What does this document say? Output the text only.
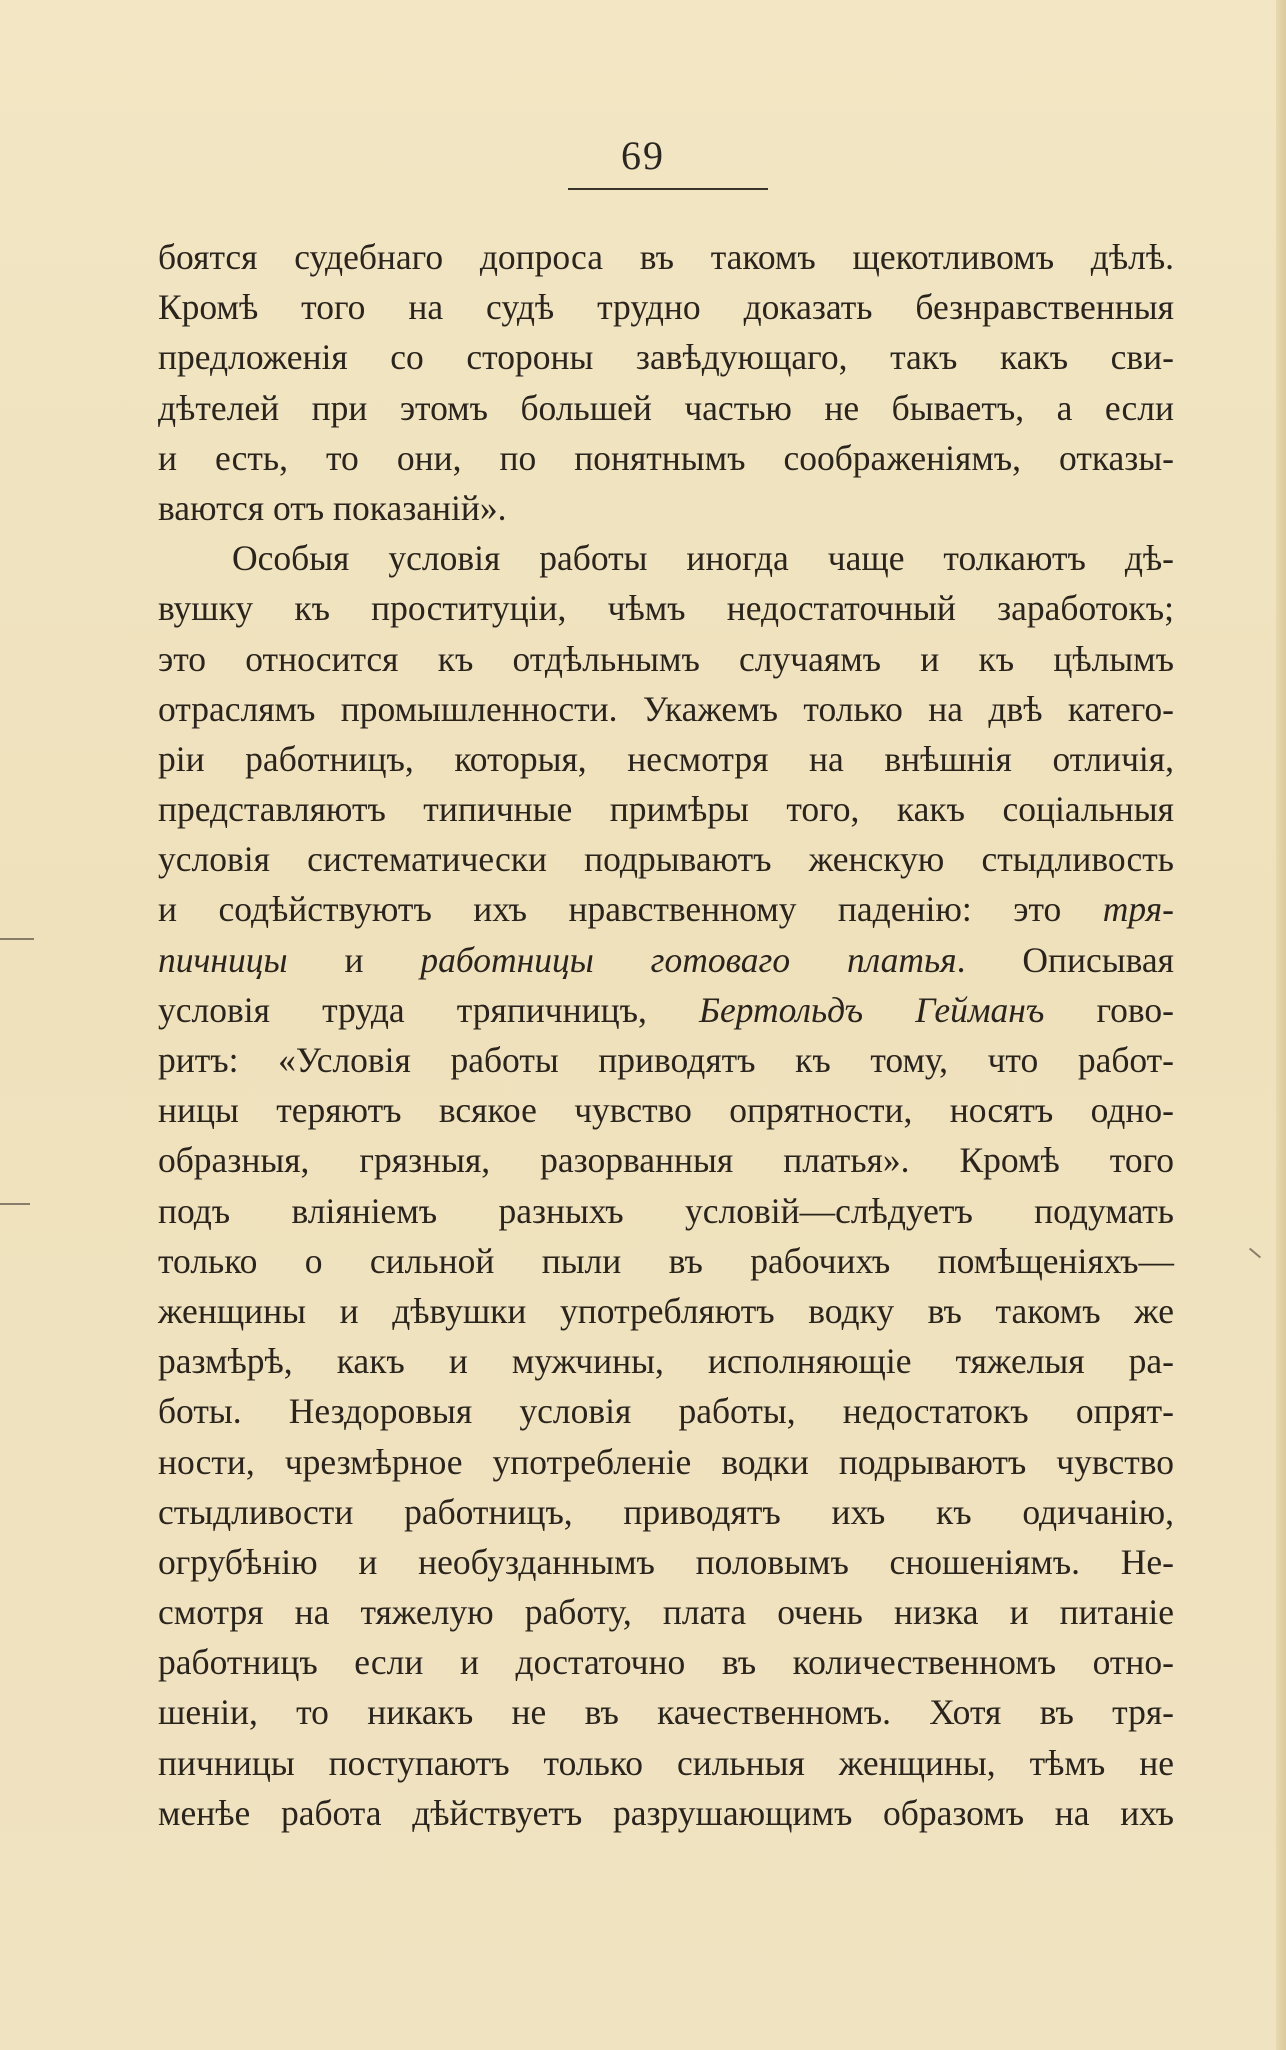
69
боятся судебнаго допроса въ такомъ щекотливомъ дѣлѣ.
Кромѣ того на судѣ трудно доказать безнравственныя
предложенія со стороны завѣдующаго, такъ какъ сви-
дѣтелей при этомъ большей частью не бываетъ, а если
и есть, то они, по понятнымъ соображеніямъ, отказы-
ваются отъ показаній».
Особыя условія работы иногда чаще толкаютъ дѣ-
вушку къ проституціи, чѣмъ недостаточный заработокъ;
это относится къ отдѣльнымъ случаямъ и къ цѣлымъ
отраслямъ промышленности. Укажемъ только на двѣ катего-
ріи работницъ, которыя, несмотря на внѣшнія отличія,
представляютъ типичные примѣры того, какъ соціальныя
условія систематически подрываютъ женскую стыдливость
и содѣйствуютъ ихъ нравственному паденію: это тря-
пичницы и работницы готоваго платья. Описывая
условія труда тряпичницъ, Бертольдъ Гейманъ гово-
ритъ: «Условія работы приводятъ къ тому, что работ-
ницы теряютъ всякое чувство опрятности, носятъ одно-
образныя, грязныя, разорванныя платья». Кромѣ того
подъ вліяніемъ разныхъ условій—слѣдуетъ подумать
только о сильной пыли въ рабочихъ помѣщеніяхъ—
женщины и дѣвушки употребляютъ водку въ такомъ же
размѣрѣ, какъ и мужчины, исполняющіе тяжелыя ра-
боты. Нездоровыя условія работы, недостатокъ опрят-
ности, чрезмѣрное употребленіе водки подрываютъ чувство
стыдливости работницъ, приводятъ ихъ къ одичанію,
огрубѣнію и необузданнымъ половымъ сношеніямъ. Не-
смотря на тяжелую работу, плата очень низка и питаніе
работницъ если и достаточно въ количественномъ отно-
шеніи, то никакъ не въ качественномъ. Хотя въ тря-
пичницы поступаютъ только сильныя женщины, тѣмъ не
менѣе работа дѣйствуетъ разрушающимъ образомъ на ихъ
